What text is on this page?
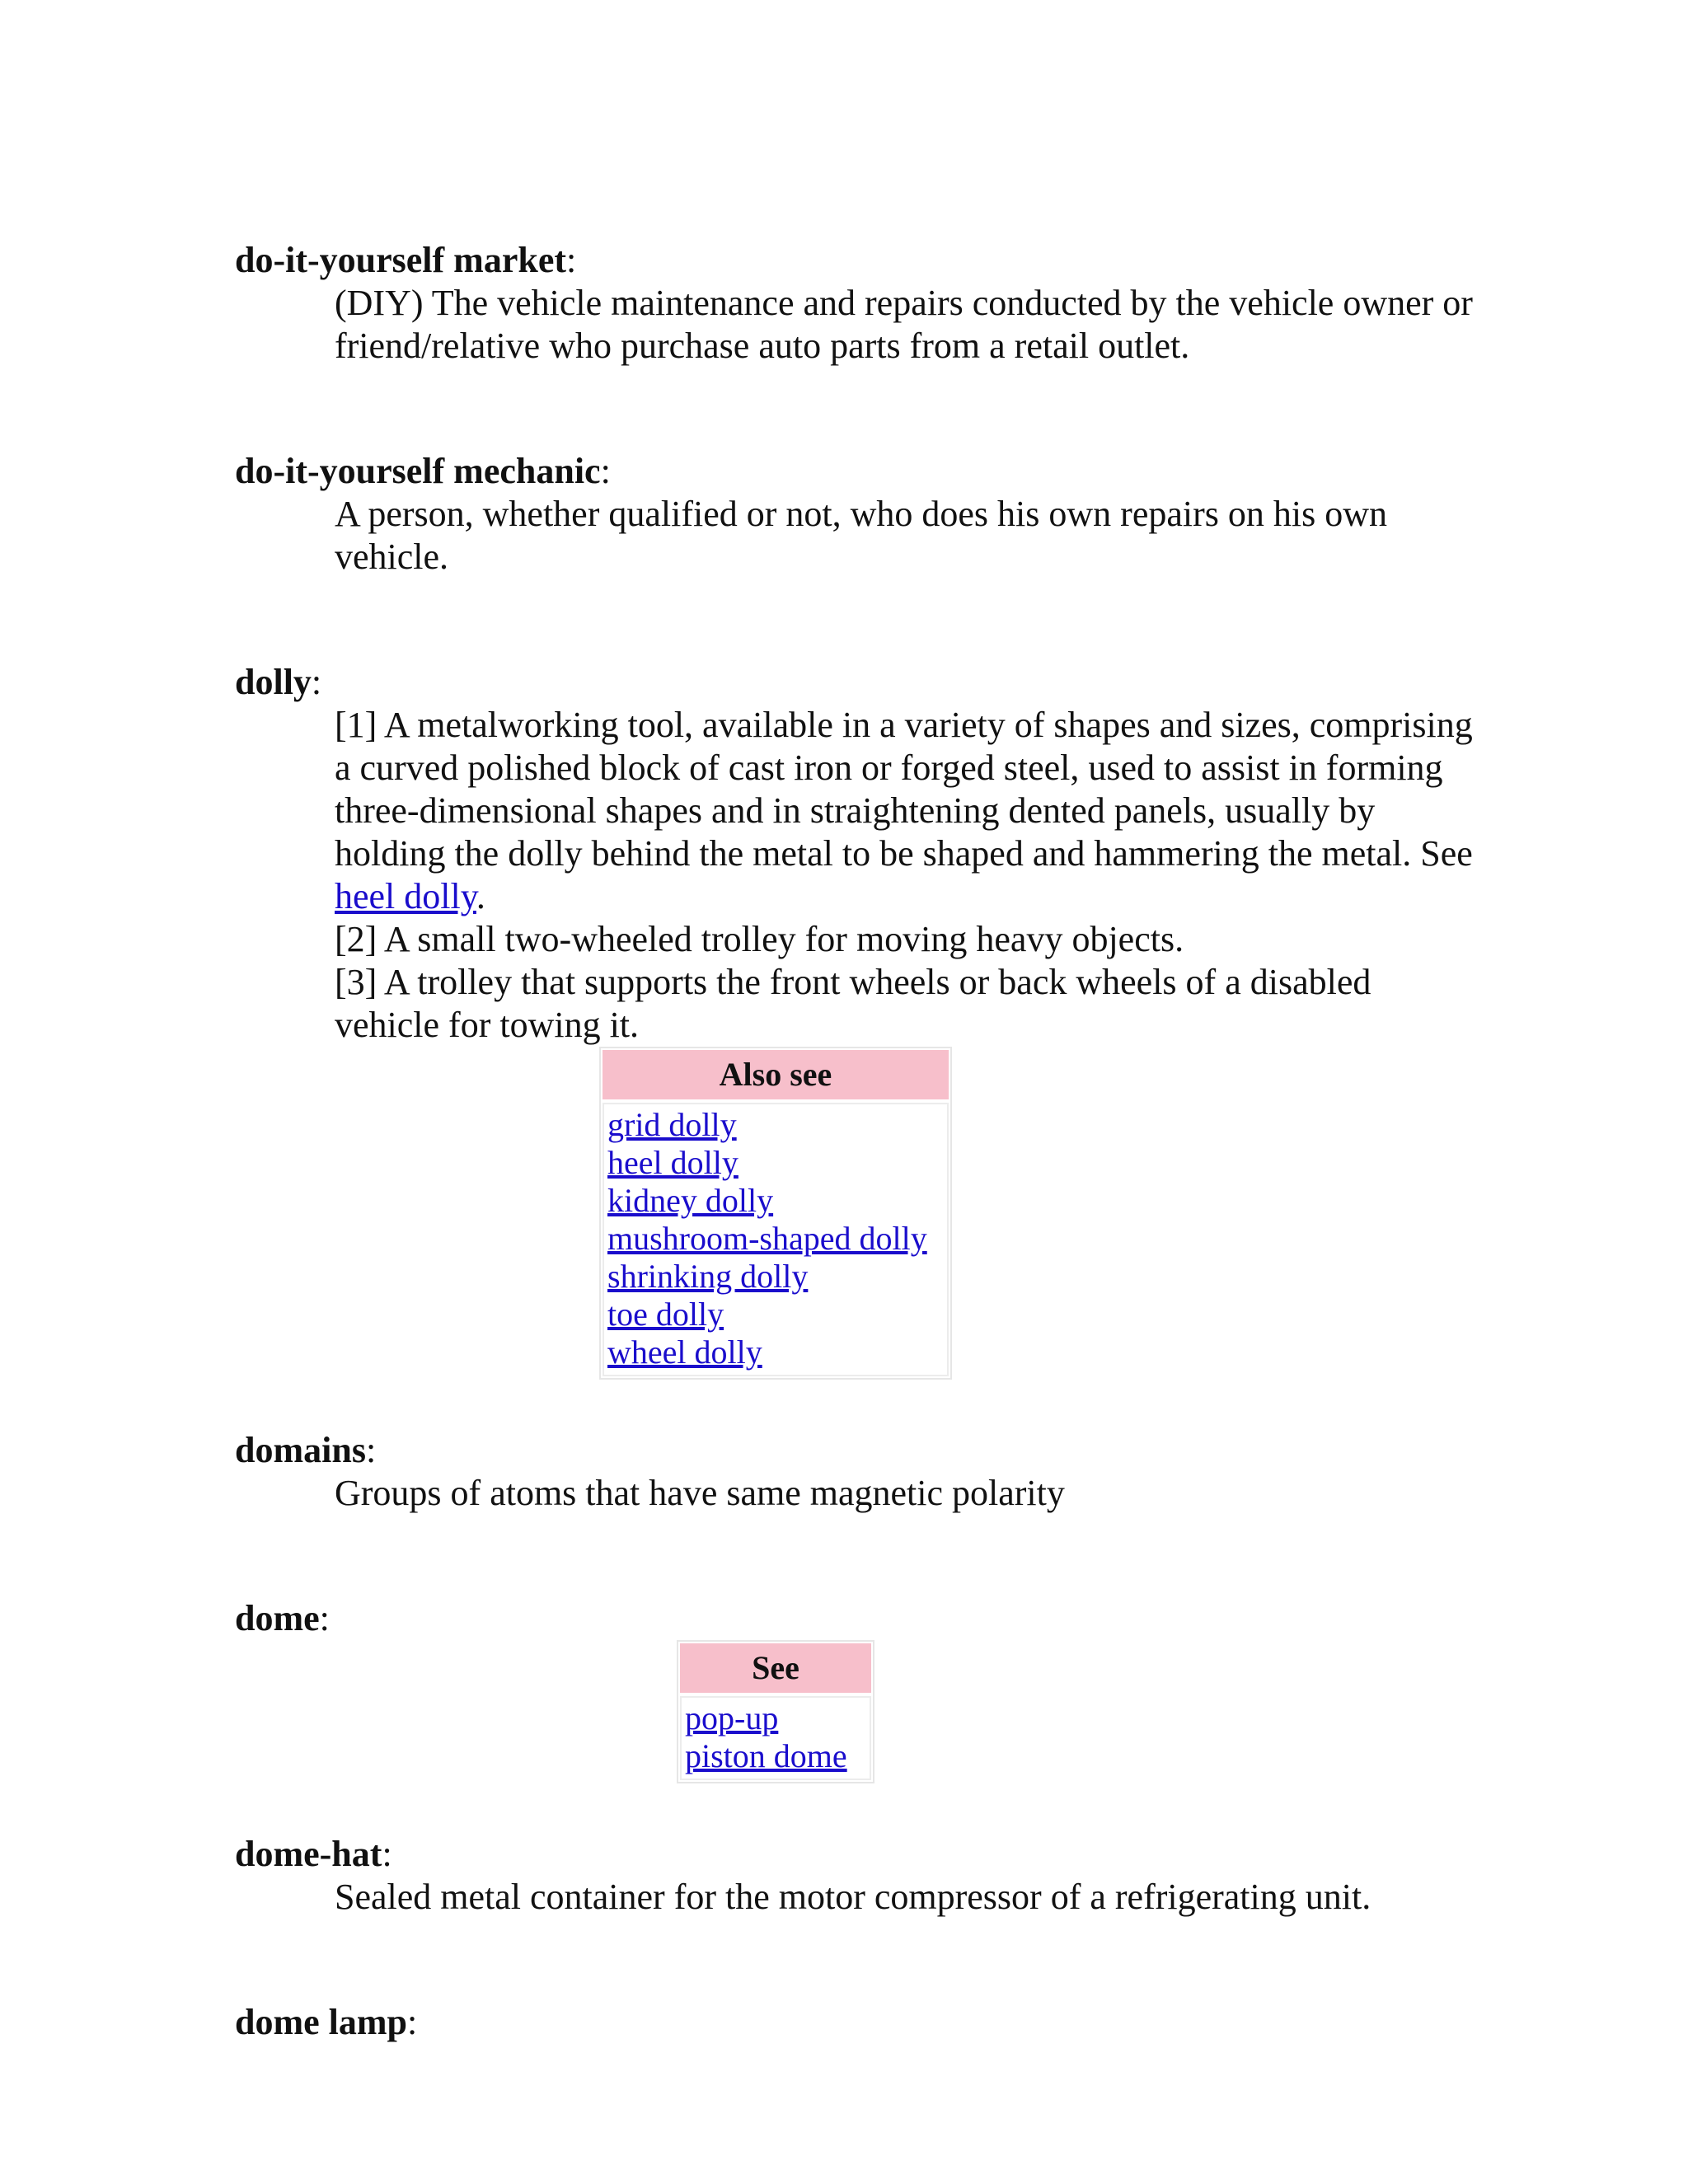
do-it-yourself market:

(DIY) The vehicle maintenance and repairs conducted by the vehicle owner or friend/relative who purchase auto parts from a retail outlet.

do-it-yourself mechanic:

A person, whether qualified or not, who does his own repairs on his own vehicle.

dolly:

[1] A metalworking tool, available in a variety of shapes and sizes, comprising a curved polished block of cast iron or forged steel, used to assist in forming three-dimensional shapes and in straightening dented panels, usually by holding the dolly behind the metal to be shaped and hammering the metal. See heel dolly.

[2] A small two-wheeled trolley for moving heavy objects.

[3] A trolley that supports the front wheels or back wheels of a disabled vehicle for towing it.

Also see
grid dolly
heel dolly
kidney dolly
mushroom-shaped dolly
shrinking dolly
toe dolly
wheel dolly

domains:

Groups of atoms that have same magnetic polarity

dome:

See
pop-up
piston dome

dome-hat:

Sealed metal container for the motor compressor of a refrigerating unit.

dome lamp:
